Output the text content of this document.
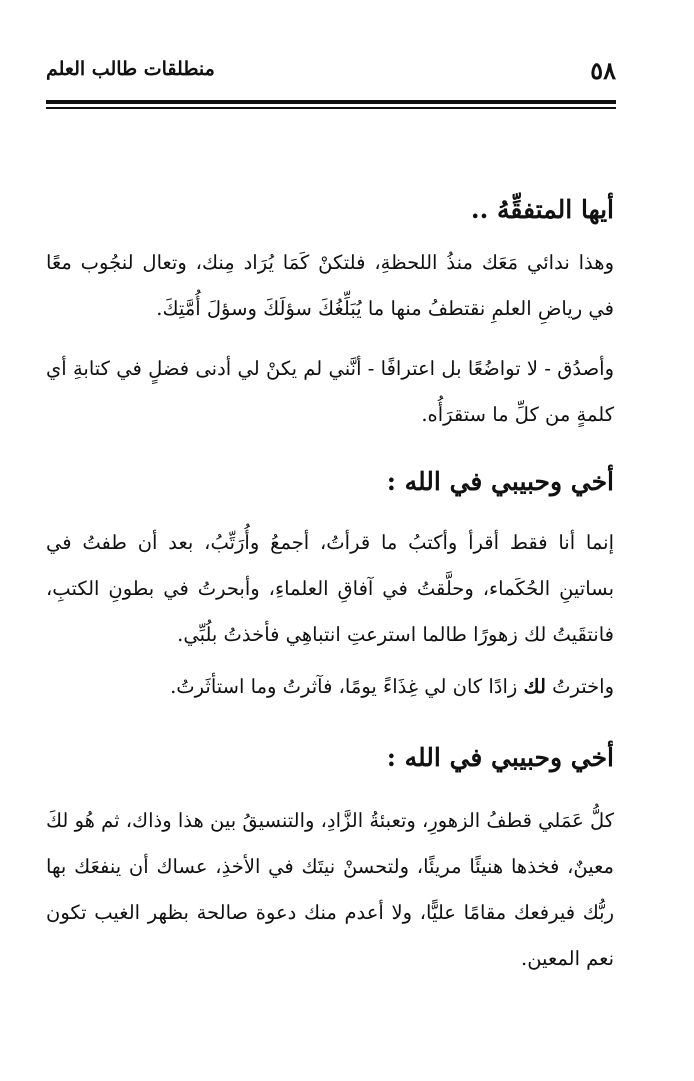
منطلقات طالب العلم	٥٨
أيها المتفقِّهُ ..

وهذا ندائي مَعَك منذُ اللحظةِ، فلتكنْ كَمَا يُرَاد مِنك، وتعال لنجُوب معًا في رياضِ العلمِ نقتطفُ منها ما يُبَلِّغُكَ سؤلَكَ وسؤلَ أُمَّتِكَ.

وأصدُق - لا تواضُعًا بل اعترافًا - أنَّني لم يكنْ لي أدنى فضلٍ في كتابةِ أي كلمةٍ من كلِّ ما ستقرَأُه.

أخي وحبيبي في الله :

إنما أنا فقط أقرأ وأكتبُ ما قرأتُ، أجمعُ وأُرَتِّبُ، بعد أن طفتُ في بساتينِ الحُكَماء، وحلَّقتُ في آفاقِ العلماءِ، وأبحرتُ في بطونِ الكتبِ، فانتقَيتُ لك زهورًا طالما استرعتِ انتباهِي فأخذتُ بلُبِّي.

واخترتُ لك زادًا كان لي غِذَاءً يومًا، فآثرتُ وما استأثَرتُ.

أخي وحبيبي في الله :

كلُّ عَمَلي قطفُ الزهورِ، وتعبئةُ الزَّادِ، والتنسيقُ بين هذا وذاك، ثم هُو لكَ معينٌ، فخذها هنيئًا مريئًا، ولتحسنْ نيتَك في الأخذِ، عساك أن ينفعَك بها ربُّك فيرفعك مقامًا عليًّا، ولا أعدم منك دعوة صالحة بظهر الغيب تكون نعم المعين.
